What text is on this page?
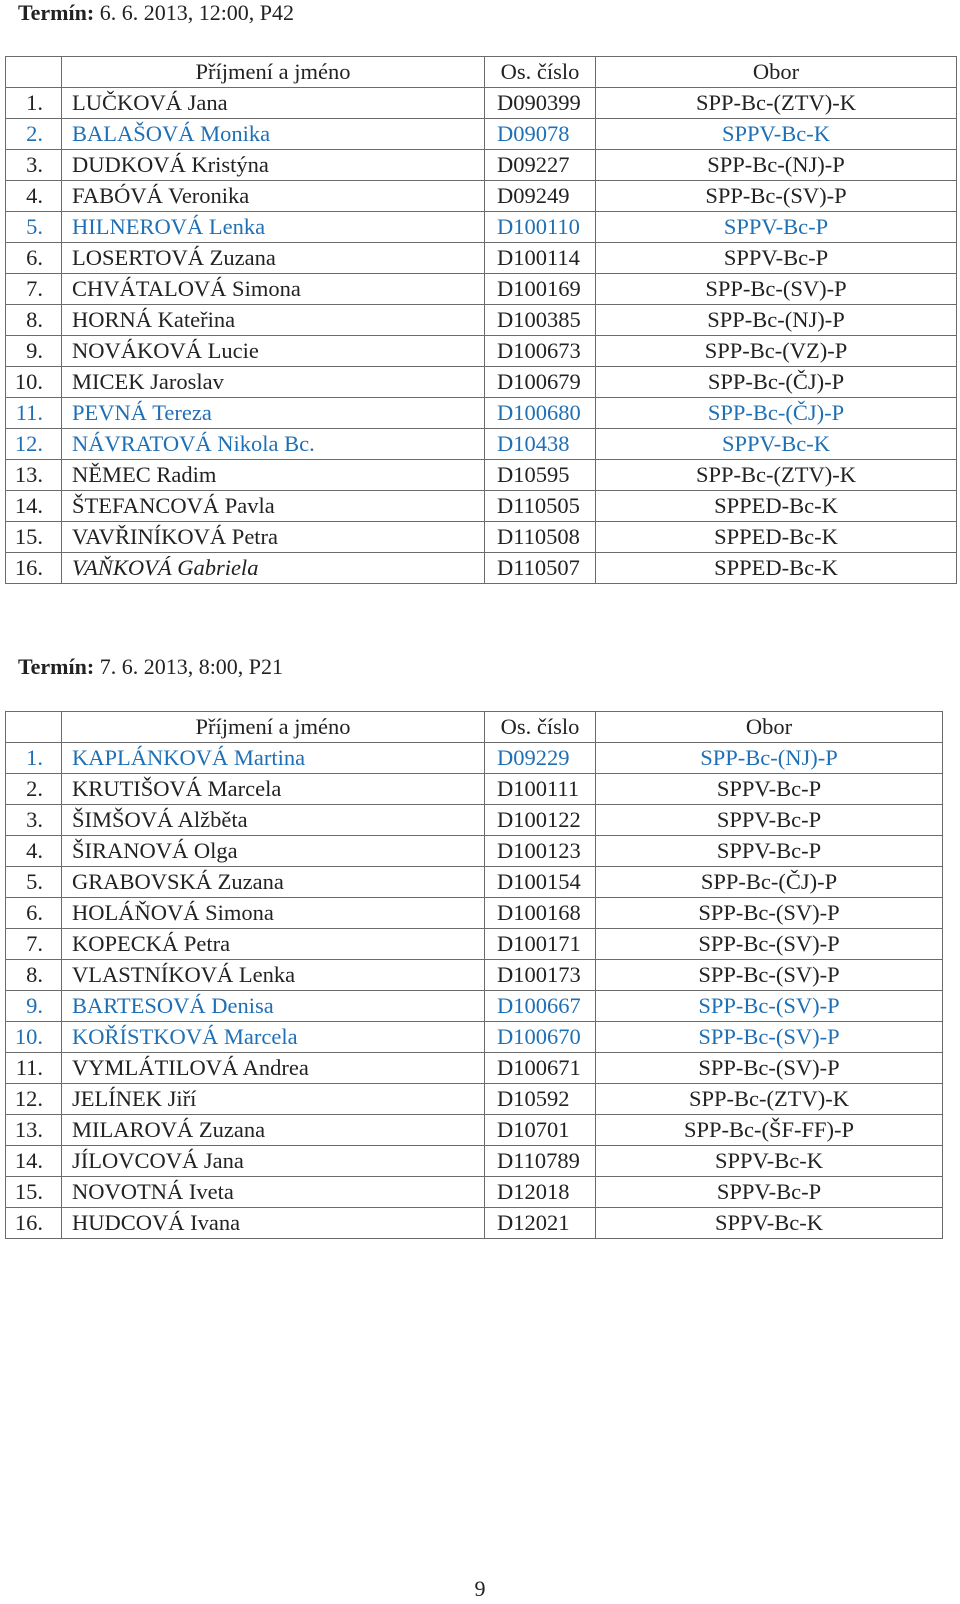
Termín: 6. 6. 2013, 12:00, P42
	Příjmení a jméno	Os. číslo	Obor
1.	LUČKOVÁ Jana	D090399	SPP-Bc-(ZTV)-K
2.	BALAŠOVÁ Monika	D09078	SPPV-Bc-K
3.	DUDKOVÁ Kristýna	D09227	SPP-Bc-(NJ)-P
4.	FABÓVÁ Veronika	D09249	SPP-Bc-(SV)-P
5.	HILNEROVÁ Lenka	D100110	SPPV-Bc-P
6.	LOSERTOVÁ Zuzana	D100114	SPPV-Bc-P
7.	CHVÁTALOVÁ Simona	D100169	SPP-Bc-(SV)-P
8.	HORNÁ Kateřina	D100385	SPP-Bc-(NJ)-P
9.	NOVÁKOVÁ Lucie	D100673	SPP-Bc-(VZ)-P
10.	MICEK Jaroslav	D100679	SPP-Bc-(ČJ)-P
11.	PEVNÁ Tereza	D100680	SPP-Bc-(ČJ)-P
12.	NÁVRATOVÁ Nikola Bc.	D10438	SPPV-Bc-K
13.	NĚMEC Radim	D10595	SPP-Bc-(ZTV)-K
14.	ŠTEFANCOVÁ Pavla	D110505	SPPED-Bc-K
15.	VAVŘINÍKOVÁ Petra	D110508	SPPED-Bc-K
16.	VAŇKOVÁ Gabriela	D110507	SPPED-Bc-K
Termín: 7. 6. 2013, 8:00, P21
	Příjmení a jméno	Os. číslo	Obor
1.	KAPLÁNKOVÁ Martina	D09229	SPP-Bc-(NJ)-P
2.	KRUTIŠOVÁ Marcela	D100111	SPPV-Bc-P
3.	ŠIMŠOVÁ Alžběta	D100122	SPPV-Bc-P
4.	ŠIRANOVÁ Olga	D100123	SPPV-Bc-P
5.	GRABOVSKÁ Zuzana	D100154	SPP-Bc-(ČJ)-P
6.	HOLÁŇOVÁ Simona	D100168	SPP-Bc-(SV)-P
7.	KOPECKÁ Petra	D100171	SPP-Bc-(SV)-P
8.	VLASTNÍKOVÁ Lenka	D100173	SPP-Bc-(SV)-P
9.	BARTESOVÁ Denisa	D100667	SPP-Bc-(SV)-P
10.	KOŘÍSTKOVÁ Marcela	D100670	SPP-Bc-(SV)-P
11.	VYMLÁTILOVÁ Andrea	D100671	SPP-Bc-(SV)-P
12.	JELÍNEK Jiří	D10592	SPP-Bc-(ZTV)-K
13.	MILAROVÁ Zuzana	D10701	SPP-Bc-(ŠF-FF)-P
14.	JÍLOVCOVÁ Jana	D110789	SPPV-Bc-K
15.	NOVOTNÁ Iveta	D12018	SPPV-Bc-P
16.	HUDCOVÁ Ivana	D12021	SPPV-Bc-K
9
